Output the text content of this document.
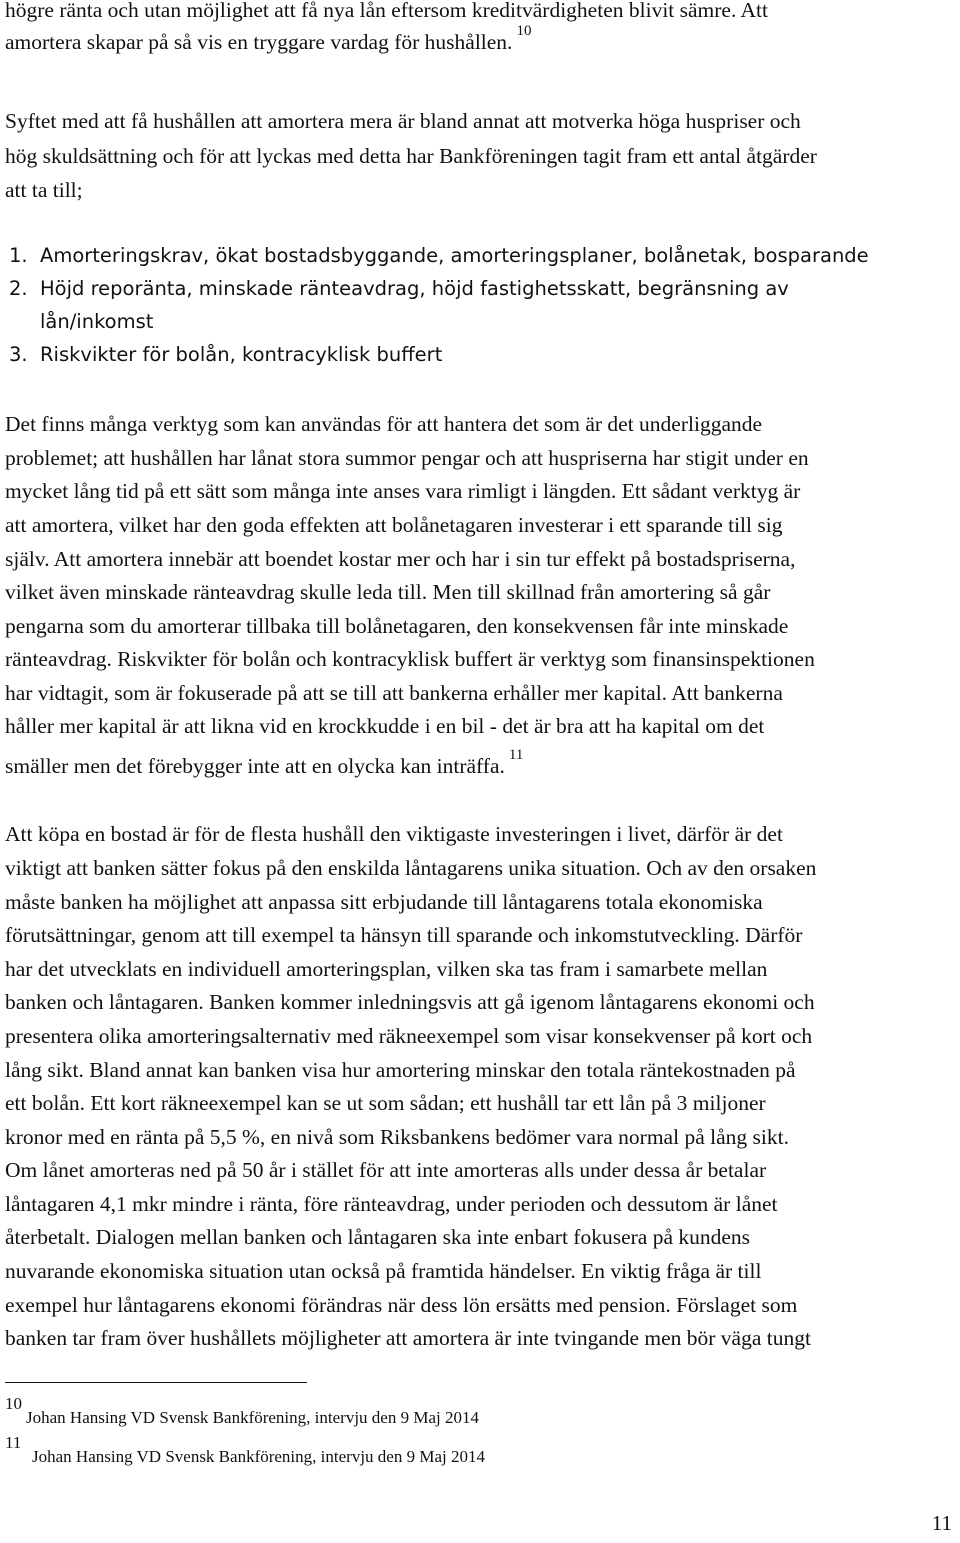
högre ränta och utan möjlighet att få nya lån eftersom kreditvärdigheten blivit sämre. Att
amortera skapar på så vis en tryggare vardag för hushållen. $^{10}$
Syftet med att få hushållen att amortera mera är bland annat att motverka höga huspriser och
hög skuldsättning och för att lyckas med detta har Bankföreningen tagit fram ett antal åtgärder
att ta till;
1. Amorteringskrav, ökat bostadsbyggande, amorteringsplaner, bolånetak, bosparande
2. Höjd reporänta, minskade ränteavdrag, höjd fastighetsskatt, begränsning av
lån/inkomst
3. Riskvikter för bolån, kontracyklisk buffert
Det finns många verktyg som kan användas för att hantera det som är det underliggande
problemet; att hushållen har lånat stora summor pengar och att huspriserna har stigit under en
mycket lång tid på ett sätt som många inte anses vara rimligt i längden. Ett sådant verktyg är
att amortera, vilket har den goda effekten att bolånetagaren investerar i ett sparande till sig
själv. Att amortera innebär att boendet kostar mer och har i sin tur effekt på bostadspriserna,
vilket även minskade ränteavdrag skulle leda till. Men till skillnad från amortering så går
pengarna som du amorterar tillbaka till bolånetagaren, den konsekvensen får inte minskade
ränteavdrag. Riskvikter för bolån och kontracyklisk buffert är verktyg som finansinspektionen
har vidtagit, som är fokuserade på att se till att bankerna erhåller mer kapital. Att bankerna
håller mer kapital är att likna vid en krockkudde i en bil - det är bra att ha kapital om det
smäller men det förebygger inte att en olycka kan inträffa. $^{11}$
Att köpa en bostad är för de flesta hushåll den viktigaste investeringen i livet, därför är det
viktigt att banken sätter fokus på den enskilda låntagarens unika situation. Och av den orsaken
måste banken ha möjlighet att anpassa sitt erbjudande till låntagarens totala ekonomiska
förutsättningar, genom att till exempel ta hänsyn till sparande och inkomstutveckling. Därför
har det utvecklats en individuell amorteringsplan, vilken ska tas fram i samarbete mellan
banken och låntagaren. Banken kommer inledningsvis att gå igenom låntagarens ekonomi och
presentera olika amorteringsalternativ med räkneexempel som visar konsekvenser på kort och
lång sikt. Bland annat kan banken visa hur amortering minskar den totala räntekostnaden på
ett bolån. Ett kort räkneexempel kan se ut som sådan; ett hushåll tar ett lån på 3 miljoner
kronor med en ränta på 5,5 %, en nivå som Riksbankens bedömer vara normal på lång sikt.
Om lånet amorteras ned på 50 år i stället för att inte amorteras alls under dessa år betalar
låntagaren 4,1 mkr mindre i ränta, före ränteavdrag, under perioden och dessutom är lånet
återbetalt. Dialogen mellan banken och låntagaren ska inte enbart fokusera på kundens
nuvarande ekonomiska situation utan också på framtida händelser. En viktig fråga är till
exempel hur låntagarens ekonomi förändras när dess lön ersätts med pension. Förslaget som
banken tar fram över hushållets möjligheter att amortera är inte tvingande men bör väga tungt
10
Johan Hansing VD Svensk Bankförening, intervju den 9 Maj 2014
11
Johan Hansing VD Svensk Bankförening, intervju den 9 Maj 2014
11
